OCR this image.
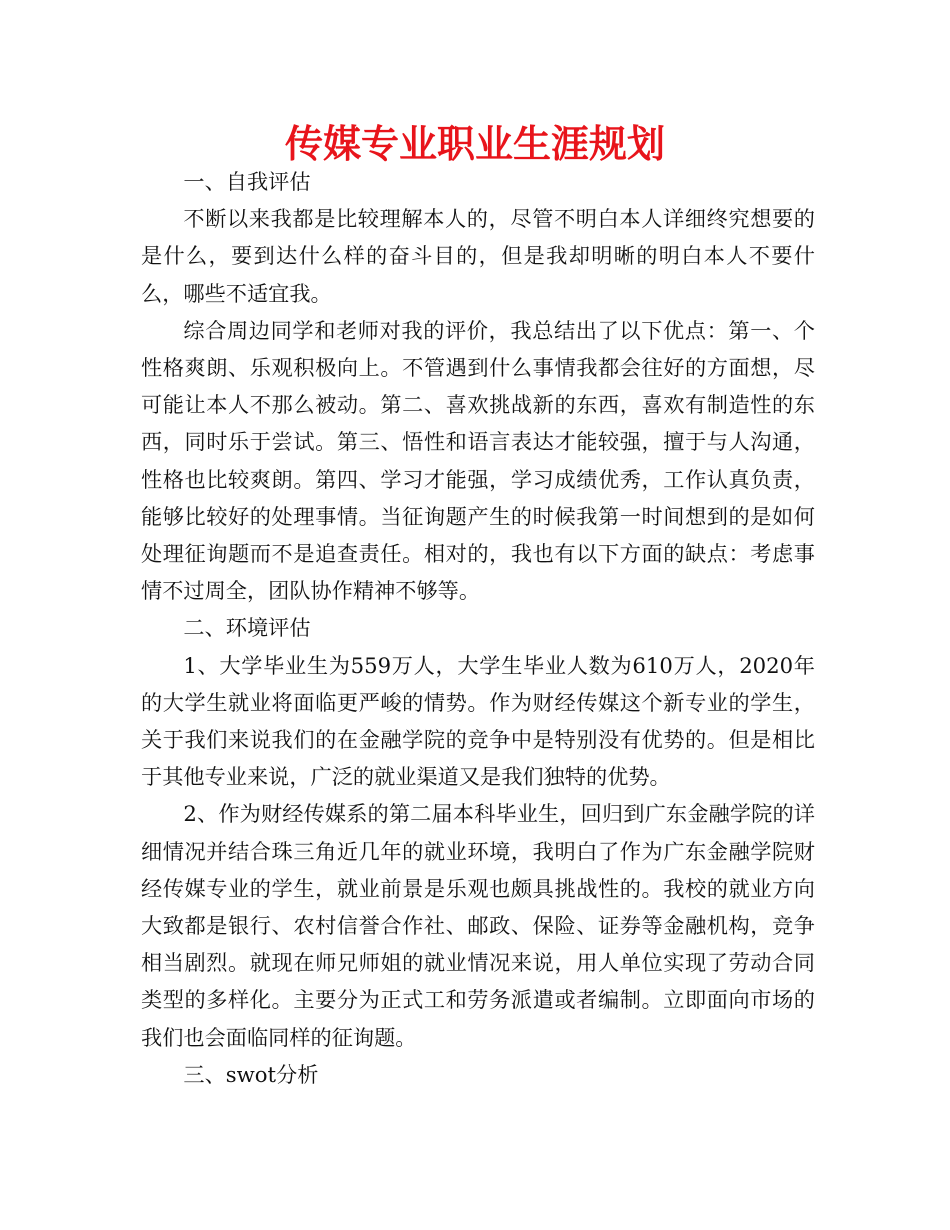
传媒专业职业生涯规划

一、自我评估

不断以来我都是比较理解本人的，尽管不明白本人详细终究想要的是什么，要到达什么样的奋斗目的，但是我却明晰的明白本人不要什么，哪些不适宜我。

综合周边同学和老师对我的评价，我总结出了以下优点：第一、个性格爽朗、乐观积极向上。不管遇到什么事情我都会往好的方面想，尽可能让本人不那么被动。第二、喜欢挑战新的东西，喜欢有制造性的东西，同时乐于尝试。第三、悟性和语言表达才能较强，擅于与人沟通，性格也比较爽朗。第四、学习才能强，学习成绩优秀，工作认真负责，能够比较好的处理事情。当征询题产生的时候我第一时间想到的是如何处理征询题而不是追查责任。相对的，我也有以下方面的缺点：考虑事情不过周全，团队协作精神不够等。

二、环境评估

1、大学毕业生为559万人，大学生毕业人数为610万人，2020年的大学生就业将面临更严峻的情势。作为财经传媒这个新专业的学生，关于我们来说我们的在金融学院的竞争中是特别没有优势的。但是相比于其他专业来说，广泛的就业渠道又是我们独特的优势。

2、作为财经传媒系的第二届本科毕业生，回归到广东金融学院的详细情况并结合珠三角近几年的就业环境，我明白了作为广东金融学院财经传媒专业的学生，就业前景是乐观也颇具挑战性的。我校的就业方向大致都是银行、农村信誉合作社、邮政、保险、证券等金融机构，竞争相当剧烈。就现在师兄师姐的就业情况来说，用人单位实现了劳动合同类型的多样化。主要分为正式工和劳务派遣或者编制。立即面向市场的我们也会面临同样的征询题。

三、swot分析
